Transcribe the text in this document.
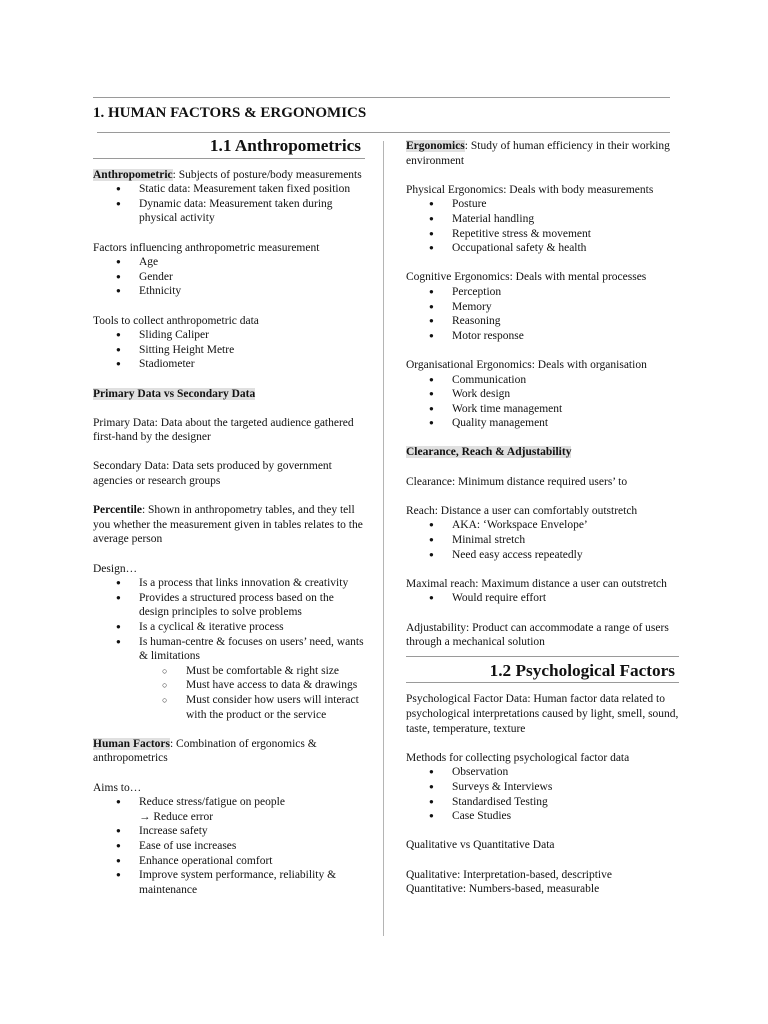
1. HUMAN FACTORS & ERGONOMICS
1.1 Anthropometrics

Anthropometric: Subjects of posture/body measurements

● Static data: Measurement taken fixed position
● Dynamic data: Measurement taken during physical activity

Factors influencing anthropometric measurement

● Age
● Gender
● Ethnicity

Tools to collect anthropometric data

● Sliding Caliper
● Sitting Height Metre
● Stadiometer

Primary Data vs Secondary Data

Primary Data: Data about the targeted audience gathered first-hand by the designer

Secondary Data: Data sets produced by government agencies or research groups

Percentile: Shown in anthropometry tables, and they tell you whether the measurement given in tables relates to the average person

Design…

● Is a process that links innovation & creativity
● Provides a structured process based on the design principles to solve problems
● Is a cyclical & iterative process
● Is human-centre & focuses on users’ need, wants & limitations
○ Must be comfortable & right size
○ Must have access to data & drawings
○ Must consider how users will interact with the product or the service

Human Factors: Combination of ergonomics & anthropometrics

Aims to…

● Reduce stress/fatigue on people
→ Reduce error
● Increase safety
● Ease of use increases
● Enhance operational comfort
● Improve system performance, reliability & maintenance

Ergonomics: Study of human efficiency in their working environment

Physical Ergonomics: Deals with body measurements

● Posture
● Material handling
● Repetitive stress & movement
● Occupational safety & health

Cognitive Ergonomics: Deals with mental processes

● Perception
● Memory
● Reasoning
● Motor response

Organisational Ergonomics: Deals with organisation

● Communication
● Work design
● Work time management
● Quality management

Clearance, Reach & Adjustability

Clearance: Minimum distance required users’ to

Reach: Distance a user can comfortably outstretch

● AKA: ‘Workspace Envelope’
● Minimal stretch
● Need easy access repeatedly

Maximal reach: Maximum distance a user can outstretch

● Would require effort

Adjustability: Product can accommodate a range of users through a mechanical solution

1.2 Psychological Factors

Psychological Factor Data: Human factor data related to psychological interpretations caused by light, smell, sound, taste, temperature, texture

Methods for collecting psychological factor data

● Observation
● Surveys & Interviews
● Standardised Testing
● Case Studies

Qualitative vs Quantitative Data

Qualitative: Interpretation-based, descriptive

Quantitative: Numbers-based, measurable
